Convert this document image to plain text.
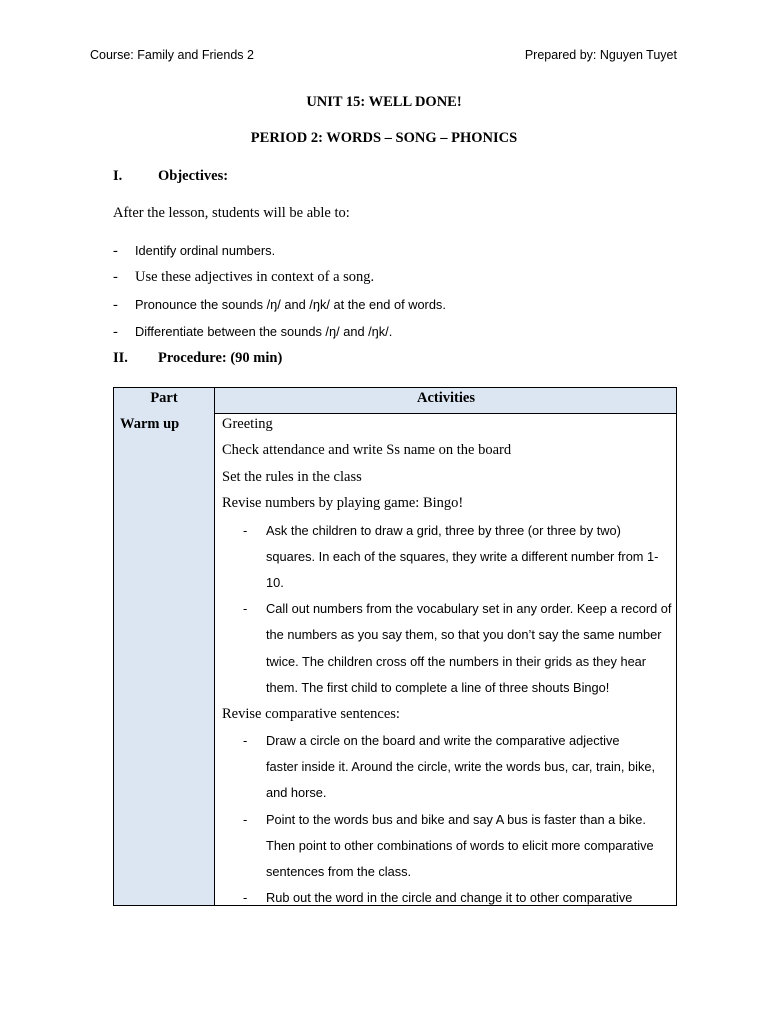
Course: Family and Friends 2	Prepared by: Nguyen Tuyet
UNIT 15: WELL DONE!
PERIOD 2: WORDS – SONG – PHONICS
I. Objectives:
After the lesson, students will be able to:
- Identify ordinal numbers.
- Use these adjectives in context of a song.
- Pronounce the sounds /ŋ/ and /ŋk/ at the end of words.
- Differentiate between the sounds /ŋ/ and /ŋk/.
II. Procedure: (90 min)
Part	Activities
Warm up	Greeting
Check attendance and write Ss name on the board
Set the rules in the class
Revise numbers by playing game: Bingo!
- Ask the children to draw a grid, three by three (or three by two)
squares. In each of the squares, they write a different number from 1-
10.
- Call out numbers from the vocabulary set in any order. Keep a record of
the numbers as you say them, so that you don’t say the same number
twice. The children cross off the numbers in their grids as they hear
them. The first child to complete a line of three shouts Bingo!
Revise comparative sentences:
- Draw a circle on the board and write the comparative adjective
faster inside it. Around the circle, write the words bus, car, train, bike,
and horse.
- Point to the words bus and bike and say A bus is faster than a bike.
Then point to other combinations of words to elicit more comparative
sentences from the class.
- Rub out the word in the circle and change it to other comparative
